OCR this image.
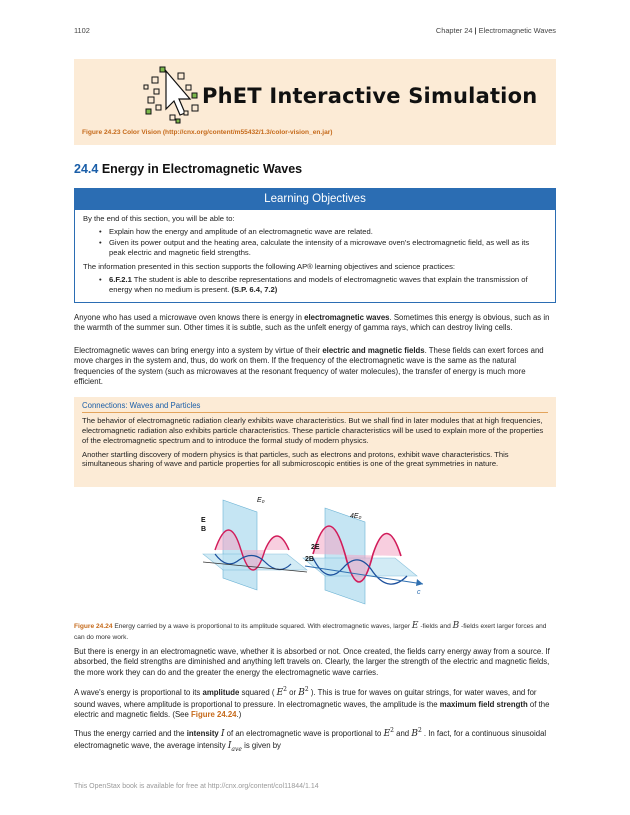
1102	Chapter 24 | Electromagnetic Waves
PhET Interactive Simulation
Figure 24.23 Color Vision (http://cnx.org/content/m55432/1.3/color-vision_en.jar)
24.4 Energy in Electromagnetic Waves
Learning Objectives

By the end of this section, you will be able to:

• Explain how the energy and amplitude of an electromagnetic wave are related.
• Given its power output and the heating area, calculate the intensity of a microwave oven's electromagnetic field, as well as its peak electric and magnetic field strengths.

The information presented in this section supports the following AP® learning objectives and science practices:

• 6.F.2.1 The student is able to describe representations and models of electromagnetic waves that explain the transmission of energy when no medium is present. (S.P. 6.4, 7.2)
Anyone who has used a microwave oven knows there is energy in electromagnetic waves. Sometimes this energy is obvious, such as in the warmth of the summer sun. Other times it is subtle, such as the unfelt energy of gamma rays, which can destroy living cells.
Electromagnetic waves can bring energy into a system by virtue of their electric and magnetic fields. These fields can exert forces and move charges in the system and, thus, do work on them. If the frequency of the electromagnetic wave is the same as the natural frequencies of the system (such as microwaves at the resonant frequency of water molecules), the transfer of energy is much more efficient.
Connections: Waves and Particles

The behavior of electromagnetic radiation clearly exhibits wave characteristics. But we shall find in later modules that at high frequencies, electromagnetic radiation also exhibits particle characteristics. These particle characteristics will be used to explain more of the properties of the electromagnetic spectrum and to introduce the formal study of modern physics.

Another startling discovery of modern physics is that particles, such as electrons and protons, exhibit wave characteristics. This simultaneous sharing of wave and particle properties for all submicroscopic entities is one of the great symmetries in nature.

E₀
E
B
4E₀
2E
2B
c
Figure 24.24 Energy carried by a wave is proportional to its amplitude squared. With electromagnetic waves, larger E -fields and B -fields exert larger forces and can do more work.
But there is energy in an electromagnetic wave, whether it is absorbed or not. Once created, the fields carry energy away from a source. If absorbed, the field strengths are diminished and anything left travels on. Clearly, the larger the strength of the electric and magnetic fields, the more work they can do and the greater the energy the electromagnetic wave carries.
A wave's energy is proportional to its amplitude squared ( $E^2$ or $B^2$ ). This is true for waves on guitar strings, for water waves, and for sound waves, where amplitude is proportional to pressure. In electromagnetic waves, the amplitude is the maximum field strength of the electric and magnetic fields. (See Figure 24.24.)
Thus the energy carried and the intensity I of an electromagnetic wave is proportional to $E^2$ and $B^2$ . In fact, for a continuous sinusoidal electromagnetic wave, the average intensity $I_{ave}$ is given by
This OpenStax book is available for free at http://cnx.org/content/col11844/1.14
